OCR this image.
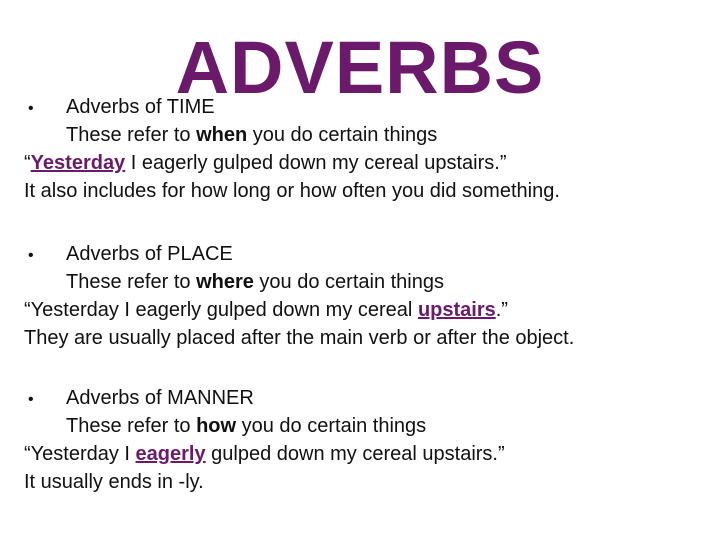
ADVERBS
• Adverbs of TIME
These refer to when you do certain things
“Yesterday I eagerly gulped down my cereal upstairs.”
It also includes for how long or how often you did something.
• Adverbs of PLACE
These refer to where you do certain things
“Yesterday I eagerly gulped down my cereal upstairs.”
They are usually placed after the main verb or after the object.
• Adverbs of MANNER
These refer to how you do certain things
“Yesterday I eagerly gulped down my cereal upstairs.”
It usually ends in -ly.
